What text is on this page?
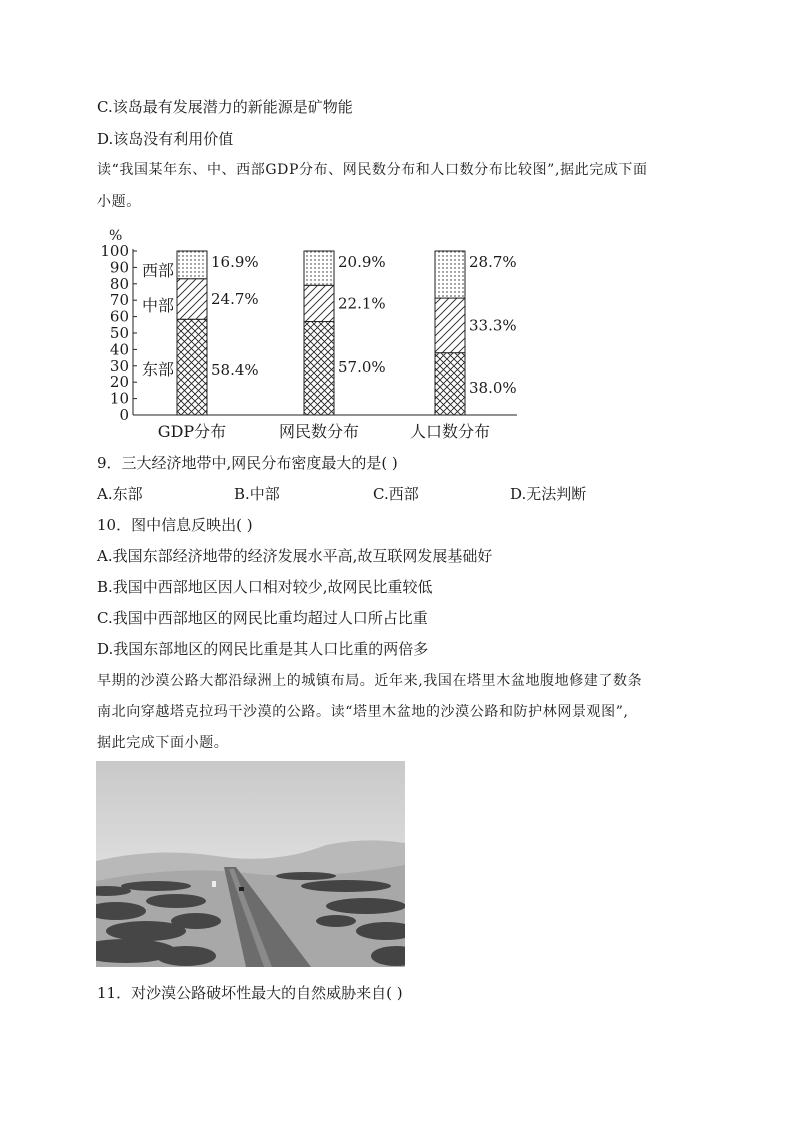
C.该岛最有发展潜力的新能源是矿物能
D.该岛没有利用价值
读“我国某年东、中、西部GDP分布、网民数分布和人口数分布比较图”,据此完成下面
小题。
%
0
10
20
30
40
50
60
70
80
90
100
58.4%
24.7%
16.9%
GDP分布
57.0%
22.1%
20.9%
网民数分布
38.0%
33.3%
28.7%
人口数分布
东部
中部
西部
9．三大经济地带中,网民分布密度最大的是( )
A.东部	B.中部	C.西部	D.无法判断
10．图中信息反映出( )
A.我国东部经济地带的经济发展水平高,故互联网发展基础好
B.我国中西部地区因人口相对较少,故网民比重较低
C.我国中西部地区的网民比重均超过人口所占比重
D.我国东部地区的网民比重是其人口比重的两倍多
早期的沙漠公路大都沿绿洲上的城镇布局。近年来,我国在塔里木盆地腹地修建了数条
南北向穿越塔克拉玛干沙漠的公路。读“塔里木盆地的沙漠公路和防护林网景观图”,
据此完成下面小题。
11．对沙漠公路破坏性最大的自然威胁来自( )
